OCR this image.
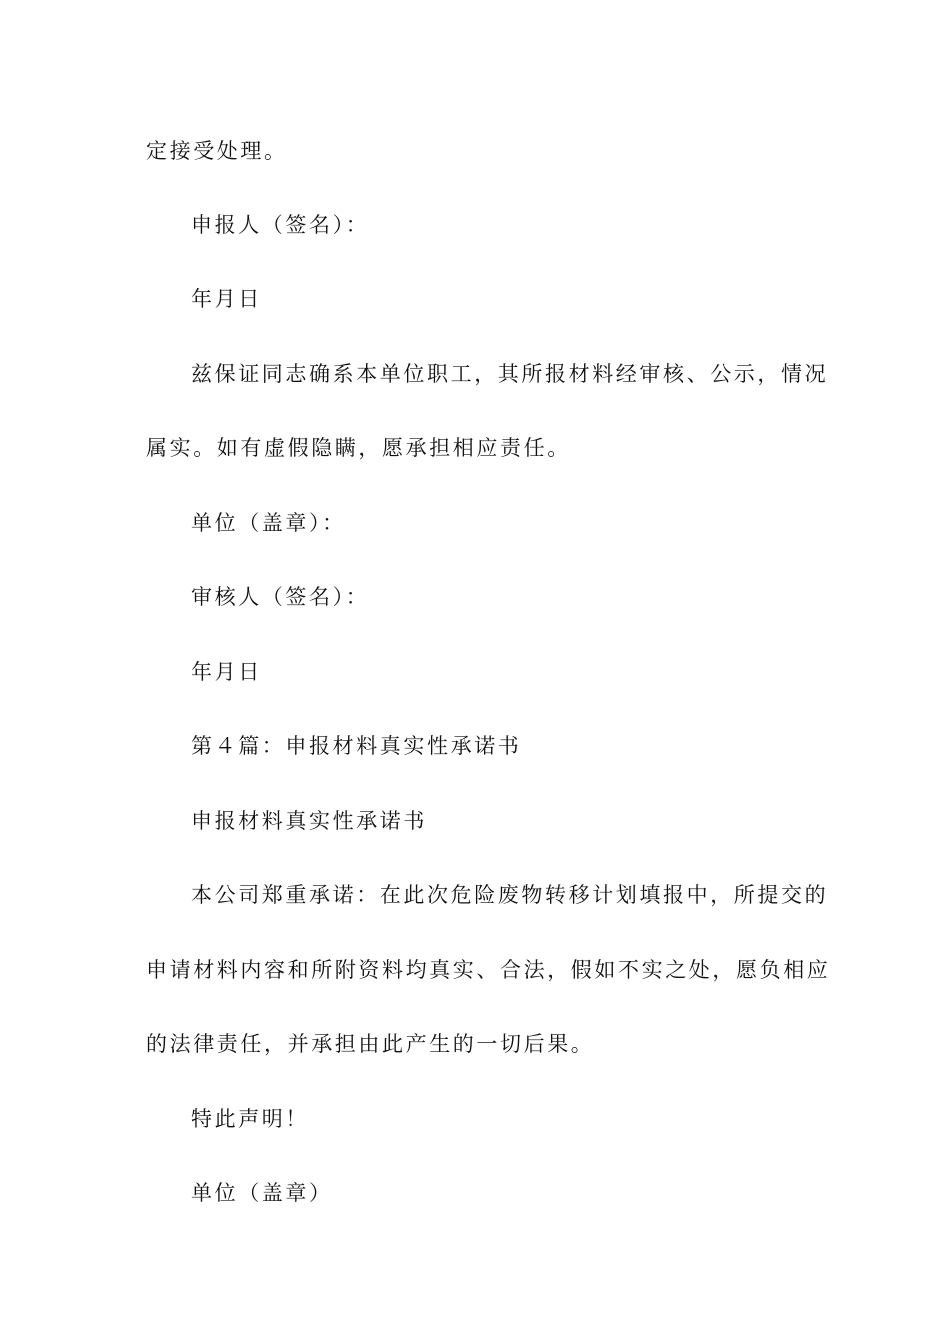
定接受处理。
申报人（签名）：
年月日
兹保证同志确系本单位职工，其所报材料经审核、公示，情况
属实。如有虚假隐瞒，愿承担相应责任。
单位（盖章）：
审核人（签名）：
年月日
第４篇：申报材料真实性承诺书
申报材料真实性承诺书
本公司郑重承诺：在此次危险废物转移计划填报中，所提交的
申请材料内容和所附资料均真实、合法，假如不实之处，愿负相应
的法律责任，并承担由此产生的一切后果。
特此声明！
单位（盖章）
